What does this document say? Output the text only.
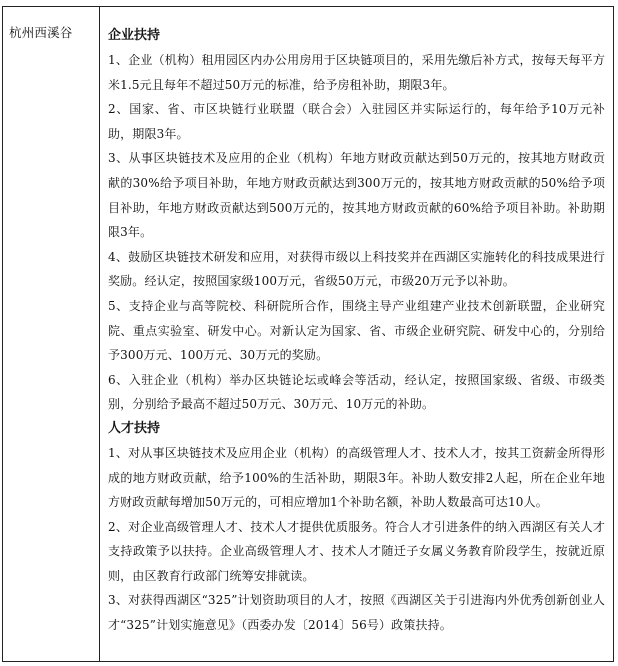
杭州西溪谷	企业扶持

1、企业（机构）租用园区内办公用房用于区块链项目的，采用先缴后补方式，按每天每平方米1.5元且每年不超过50万元的标准，给予房租补助，期限3年。

2、国家、省、市区块链行业联盟（联合会）入驻园区并实际运行的，每年给予10万元补助，期限3年。

3、从事区块链技术及应用的企业（机构）年地方财政贡献达到50万元的，按其地方财政贡献的30%给予项目补助，年地方财政贡献达到300万元的，按其地方财政贡献的50%给予项目补助，年地方财政贡献达到500万元的，按其地方财政贡献的60%给予项目补助。补助期限3年。

4、鼓励区块链技术研发和应用，对获得市级以上科技奖并在西湖区实施转化的科技成果进行奖励。经认定，按照国家级100万元，省级50万元，市级20万元予以补助。

5、支持企业与高等院校、科研院所合作，围绕主导产业组建产业技术创新联盟，企业研究院、重点实验室、研发中心。对新认定为国家、省、市级企业研究院、研发中心的，分别给予300万元、100万元、30万元的奖励。

6、入驻企业（机构）举办区块链论坛或峰会等活动，经认定，按照国家级、省级、市级类别，分别给予最高不超过50万元、30万元、10万元的补助。

人才扶持

1、对从事区块链技术及应用企业（机构）的高级管理人才、技术人才，按其工资薪金所得形成的地方财政贡献，给予100%的生活补助，期限3年。补助人数安排2人起，所在企业年地方财政贡献每增加50万元的，可相应增加1个补助名额，补助人数最高可达10人。

2、对企业高级管理人才、技术人才提供优质服务。符合人才引进条件的纳入西湖区有关人才支持政策予以扶持。企业高级管理人才、技术人才随迁子女属义务教育阶段学生，按就近原则，由区教育行政部门统筹安排就读。

3、对获得西湖区“325”计划资助项目的人才，按照《西湖区关于引进海内外优秀创新创业人才“325”计划实施意见》（西委办发〔2014〕56号）政策扶持。
